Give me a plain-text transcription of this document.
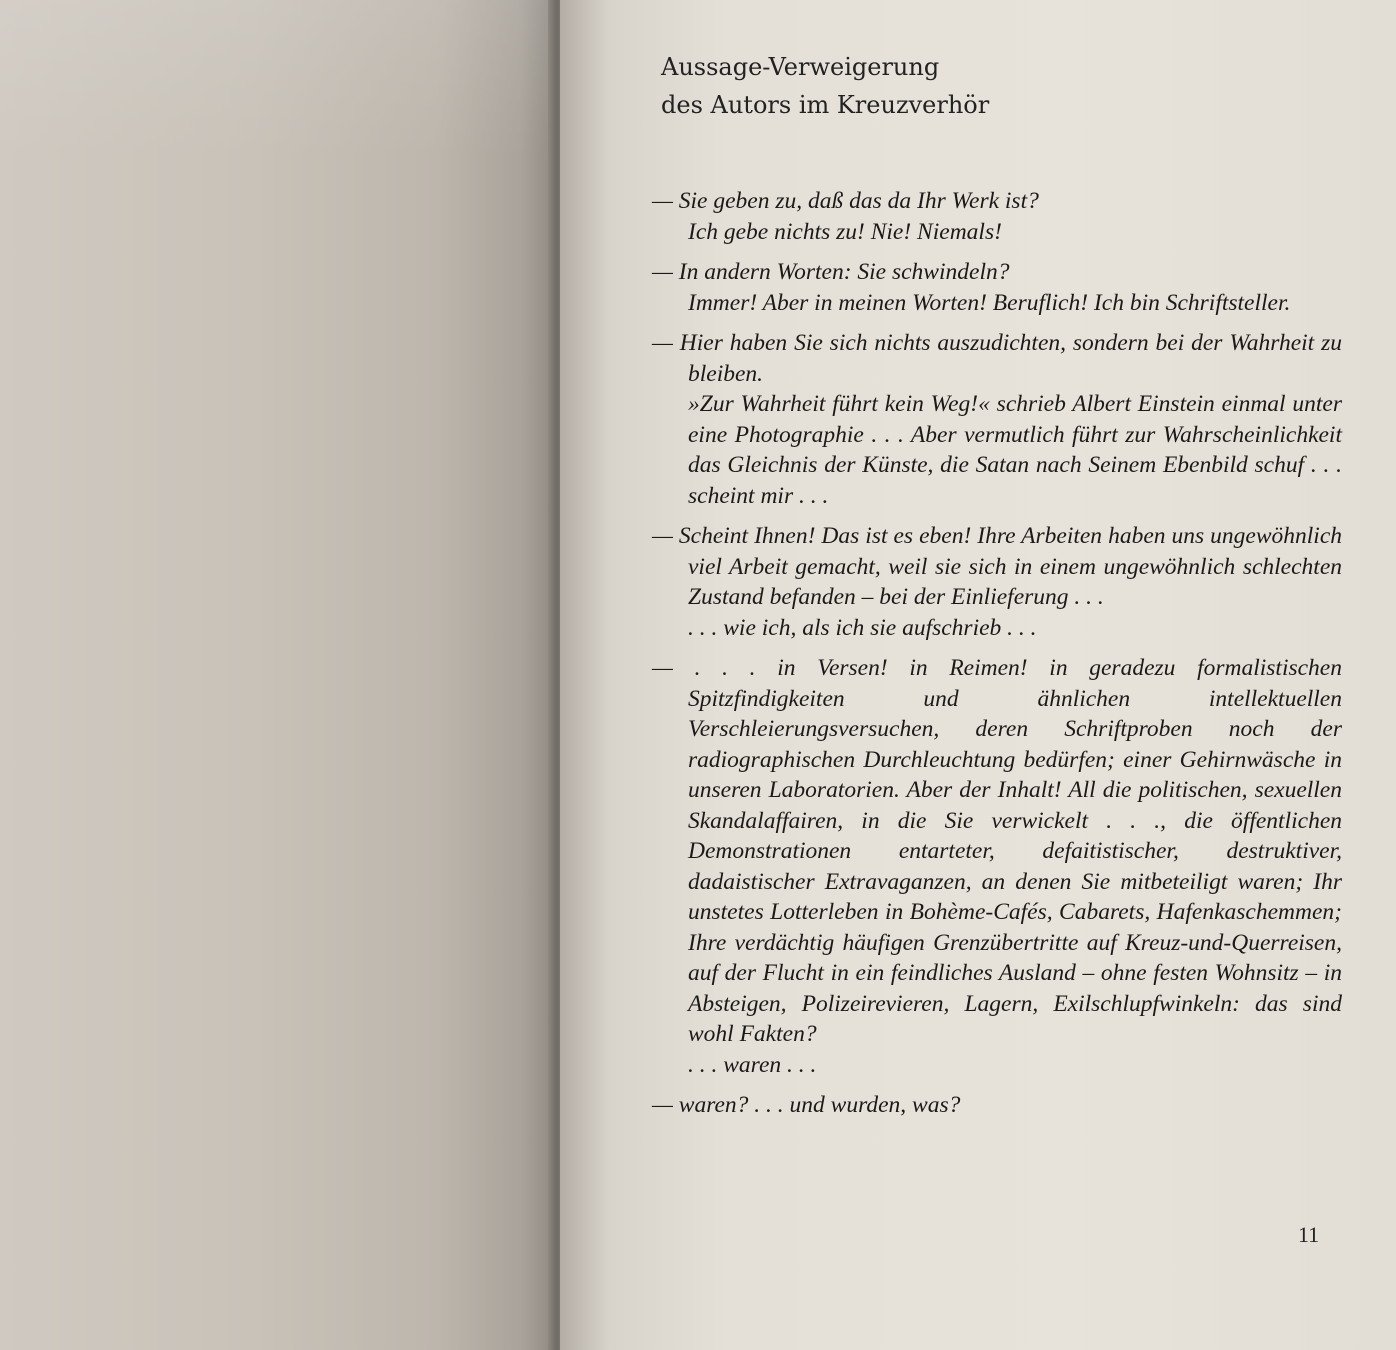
Aussage-Verweigerung
des Autors im Kreuzverhör
— Sie geben zu, daß das da Ihr Werk ist?
Ich gebe nichts zu! Nie! Niemals!
— In andern Worten: Sie schwindeln?
Immer! Aber in meinen Worten! Beruflich! Ich bin Schriftsteller.
— Hier haben Sie sich nichts auszudichten, sondern bei der Wahrheit zu bleiben.
»Zur Wahrheit führt kein Weg!« schrieb Albert Einstein einmal unter eine Photographie . . . Aber vermutlich führt zur Wahrscheinlichkeit das Gleichnis der Künste, die Satan nach Seinem Ebenbild schuf . . . scheint mir . . .
— Scheint Ihnen! Das ist es eben! Ihre Arbeiten haben uns ungewöhnlich viel Arbeit gemacht, weil sie sich in einem ungewöhnlich schlechten Zustand befanden – bei der Einlieferung . . .
. . . wie ich, als ich sie aufschrieb . . .
— . . . in Versen! in Reimen! in geradezu formalistischen Spitzfindigkeiten und ähnlichen intellektuellen Verschleierungsversuchen, deren Schriftproben noch der radiographischen Durchleuchtung bedürfen; einer Gehirnwäsche in unseren Laboratorien. Aber der Inhalt! All die politischen, sexuellen Skandalaffairen, in die Sie verwickelt . . ., die öffentlichen Demonstrationen entarteter, defaitistischer, destruktiver, dadaistischer Extravaganzen, an denen Sie mitbeteiligt waren; Ihr unstetes Lotterleben in Bohème-Cafés, Cabarets, Hafenkaschemmen; Ihre verdächtig häufigen Grenzübertritte auf Kreuz-und-Querreisen, auf der Flucht in ein feindliches Ausland – ohne festen Wohnsitz – in Absteigen, Polizeirevieren, Lagern, Exilschlupfwinkeln: das sind wohl Fakten?
. . . waren . . .
— waren? . . . und wurden, was?
11
